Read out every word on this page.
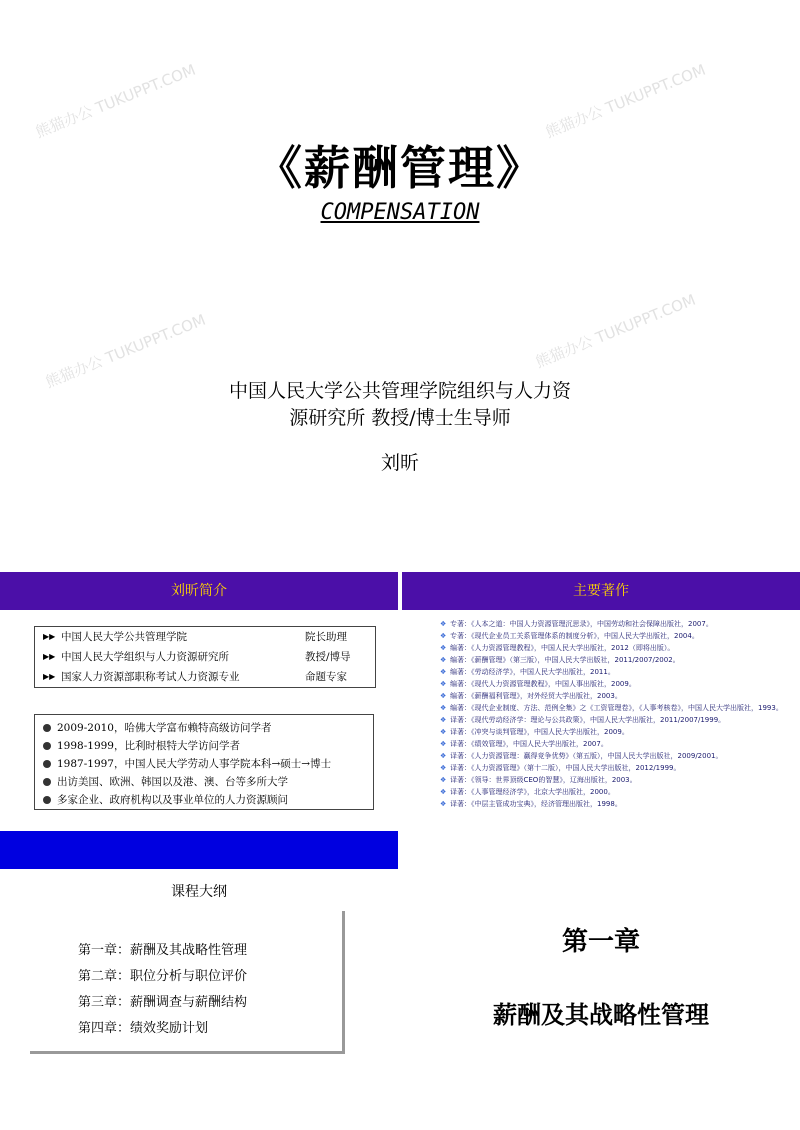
《薪酬管理》
COMPENSATION
中国人民大学公共管理学院组织与人力资
源研究所 教授/博士生导师
刘昕
熊猫办公 TUKUPPT.COM
熊猫办公 TUKUPPT.COM
熊猫办公 TUKUPPT.COM
熊猫办公 TUKUPPT.COM
刘昕简介
▶▶ 中国人民大学公共管理学院	院长助理
▶▶ 中国人民大学组织与人力资源研究所	教授/博导
▶▶ 国家人力资源部职称考试人力资源专业	命题专家
2009-2010，哈佛大学富布赖特高级访问学者
1998-1999，比利时根特大学访问学者
1987-1997，中国人民大学劳动人事学院本科→硕士→博士
出访美国、欧洲、韩国以及港、澳、台等多所大学
多家企业、政府机构以及事业单位的人力资源顾问
主要著作
❖ 专著：《人本之道：中国人力资源管理沉思录》，中国劳动和社会保障出版社，2007。
❖ 专著：《现代企业员工关系管理体系的制度分析》，中国人民大学出版社，2004。
❖ 编著：《人力资源管理教程》，中国人民大学出版社，2012（即将出版）。
❖ 编著：《薪酬管理》（第三版），中国人民大学出版社，2011/2007/2002。
❖ 编著：《劳动经济学》，中国人民大学出版社，2011。
❖ 编著：《现代人力资源管理教程》，中国人事出版社，2009。
❖ 编著：《薪酬福利管理》，对外经贸大学出版社，2003。
❖ 编著：《现代企业制度、方法、范例全集》之《工资管理卷》，《人事考核卷》，中国人民大学出版社，1993。
❖ 译著：《现代劳动经济学：理论与公共政策》，中国人民大学出版社，2011/2007/1999。
❖ 译著：《冲突与谈判管理》，中国人民大学出版社，2009。
❖ 译著：《绩效管理》，中国人民大学出版社，2007。
❖ 译著：《人力资源管理：赢得竞争优势》（第五版），中国人民大学出版社，2009/2001。
❖ 译著：《人力资源管理》（第十二版），中国人民大学出版社，2012/1999。
❖ 译著：《领导：世界顶级CEO的智慧》，辽海出版社，2003。
❖ 译著：《人事管理经济学》，北京大学出版社，2000。
❖ 译著：《中层主管成功宝典》，经济管理出版社，1998。
课程大纲
第一章：薪酬及其战略性管理
第二章：职位分析与职位评价
第三章：薪酬调查与薪酬结构
第四章：绩效奖励计划
第一章
薪酬及其战略性管理
